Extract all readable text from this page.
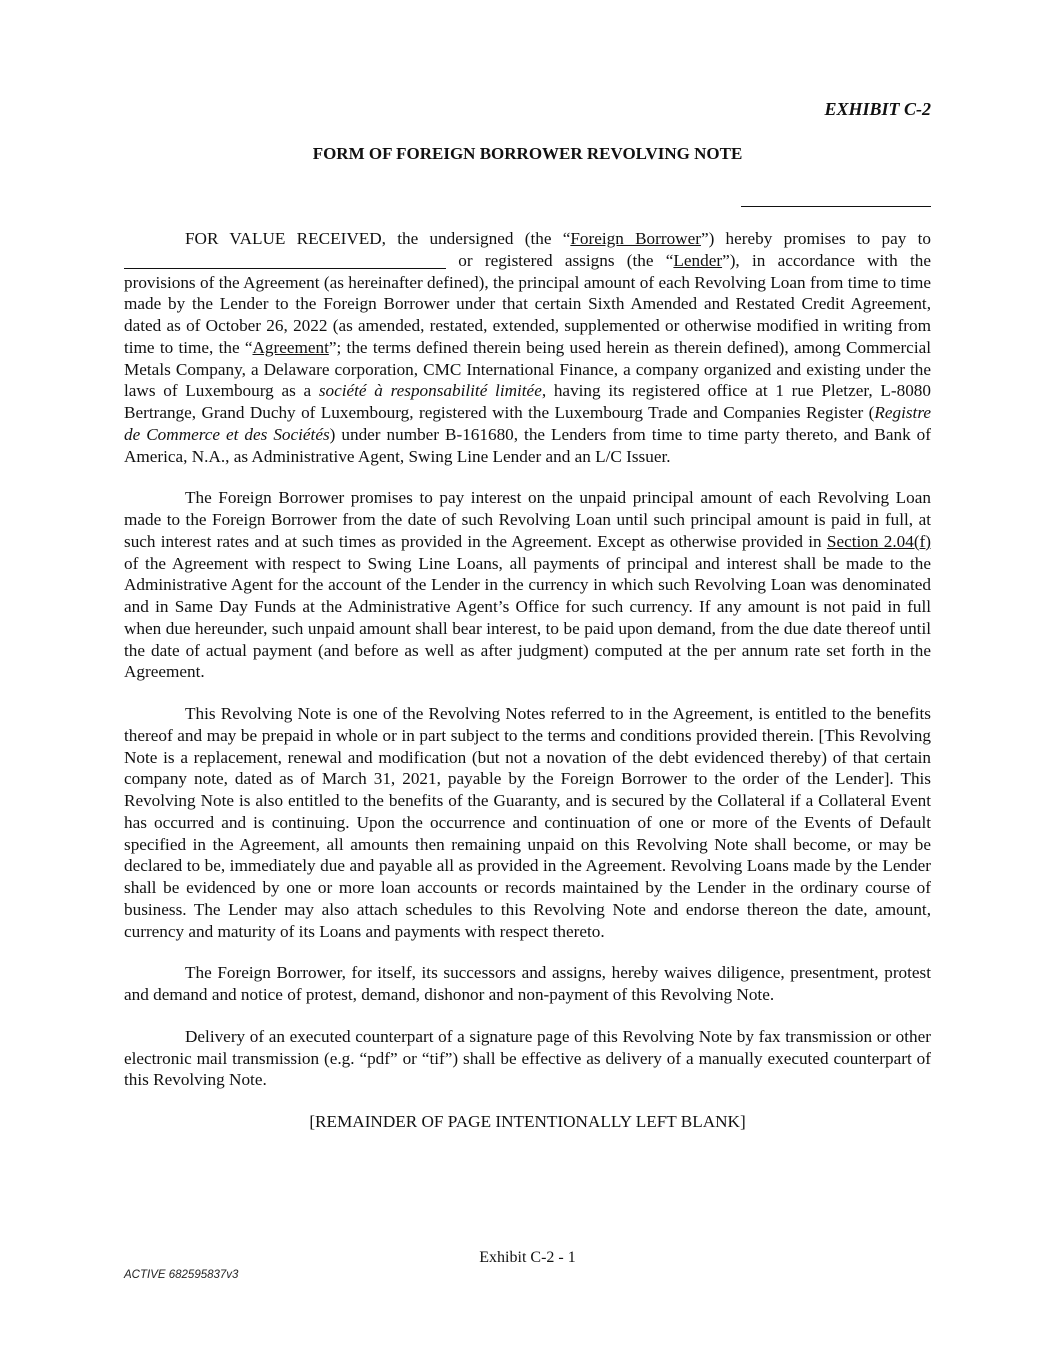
EXHIBIT C-2
FORM OF FOREIGN BORROWER REVOLVING NOTE

FOR VALUE RECEIVED, the undersigned (the “Foreign Borrower”) hereby promises to pay to  or registered assigns (the “Lender”), in accordance with the provisions of the Agreement (as hereinafter defined), the principal amount of each Revolving Loan from time to time made by the Lender to the Foreign Borrower under that certain Sixth Amended and Restated Credit Agreement, dated as of October 26, 2022 (as amended, restated, extended, supplemented or otherwise modified in writing from time to time, the “Agreement”; the terms defined therein being used herein as therein defined), among Commercial Metals Company, a Delaware corporation, CMC International Finance, a company organized and existing under the laws of Luxembourg as a société à responsabilité limitée, having its registered office at 1 rue Pletzer, L-8080 Bertrange, Grand Duchy of Luxembourg, registered with the Luxembourg Trade and Companies Register (Registre de Commerce et des Sociétés) under number B-161680, the Lenders from time to time party thereto, and Bank of America, N.A., as Administrative Agent, Swing Line Lender and an L/C Issuer.

The Foreign Borrower promises to pay interest on the unpaid principal amount of each Revolving Loan made to the Foreign Borrower from the date of such Revolving Loan until such principal amount is paid in full, at such interest rates and at such times as provided in the Agreement. Except as otherwise provided in Section 2.04(f) of the Agreement with respect to Swing Line Loans, all payments of principal and interest shall be made to the Administrative Agent for the account of the Lender in the currency in which such Revolving Loan was denominated and in Same Day Funds at the Administrative Agent’s Office for such currency. If any amount is not paid in full when due hereunder, such unpaid amount shall bear interest, to be paid upon demand, from the due date thereof until the date of actual payment (and before as well as after judgment) computed at the per annum rate set forth in the Agreement.

This Revolving Note is one of the Revolving Notes referred to in the Agreement, is entitled to the benefits thereof and may be prepaid in whole or in part subject to the terms and conditions provided therein. [This Revolving Note is a replacement, renewal and modification (but not a novation of the debt evidenced thereby) of that certain company note, dated as of March 31, 2021, payable by the Foreign Borrower to the order of the Lender]. This Revolving Note is also entitled to the benefits of the Guaranty, and is secured by the Collateral if a Collateral Event has occurred and is continuing. Upon the occurrence and continuation of one or more of the Events of Default specified in the Agreement, all amounts then remaining unpaid on this Revolving Note shall become, or may be declared to be, immediately due and payable all as provided in the Agreement. Revolving Loans made by the Lender shall be evidenced by one or more loan accounts or records maintained by the Lender in the ordinary course of business. The Lender may also attach schedules to this Revolving Note and endorse thereon the date, amount, currency and maturity of its Loans and payments with respect thereto.

The Foreign Borrower, for itself, its successors and assigns, hereby waives diligence, presentment, protest and demand and notice of protest, demand, dishonor and non-payment of this Revolving Note.

Delivery of an executed counterpart of a signature page of this Revolving Note by fax transmission or other electronic mail transmission (e.g. “pdf” or “tif”) shall be effective as delivery of a manually executed counterpart of this Revolving Note.

[REMAINDER OF PAGE INTENTIONALLY LEFT BLANK]
Exhibit C-2 - 1
ACTIVE 682595837v3
